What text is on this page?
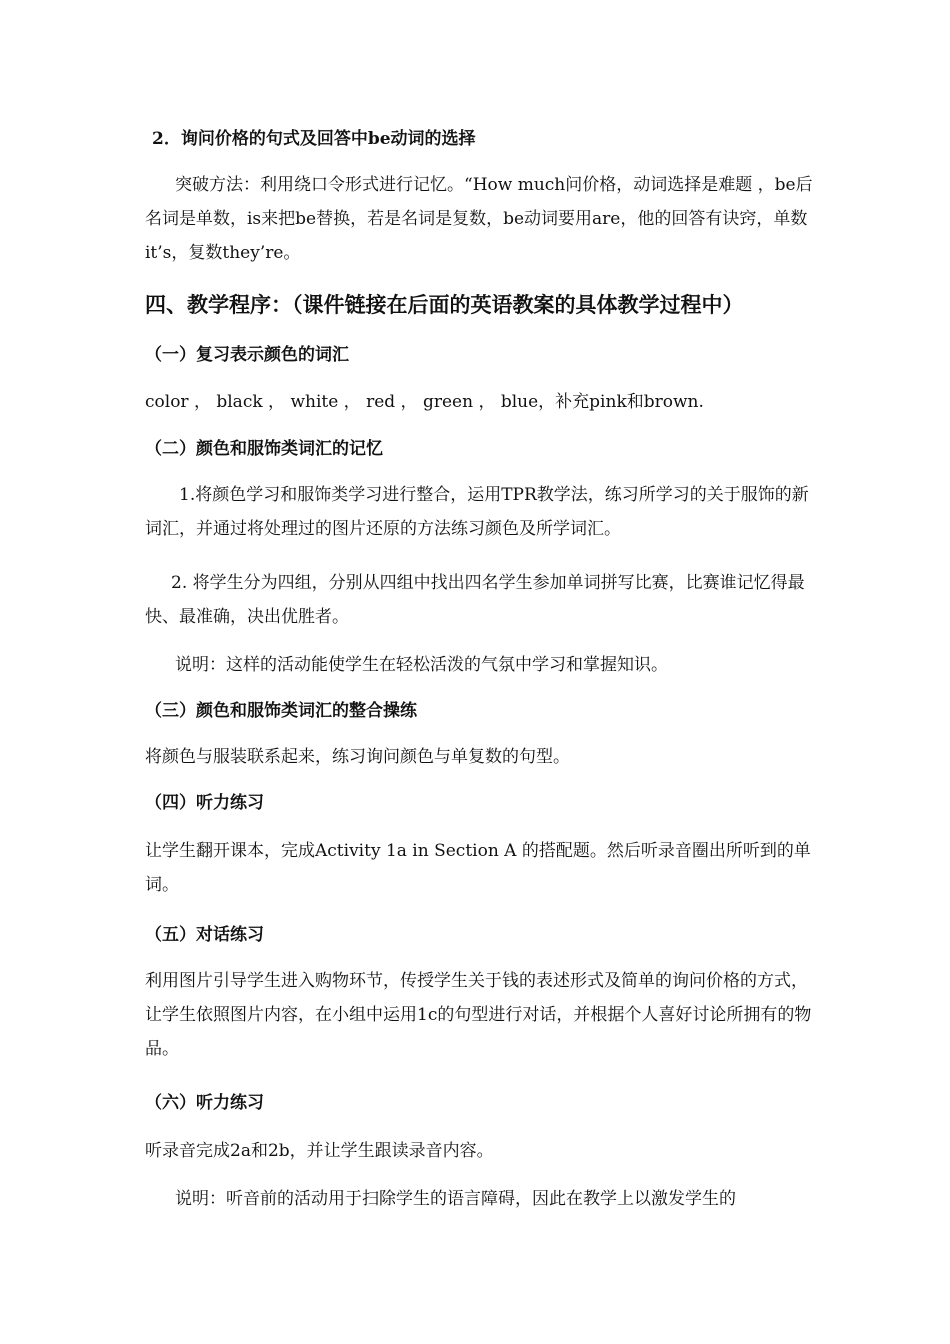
2．询问价格的句式及回答中be动词的选择

突破方法：利用绕口令形式进行记忆。“How much问价格，动词选择是难题 ，be后名词是单数，is来把be替换，若是名词是复数，be动词要用are，他的回答有诀窍，单数it’s，复数they’re。

四、教学程序：（课件链接在后面的英语教案的具体教学过程中）

（一）复习表示颜色的词汇

color ， black ， white ， red ， green ， blue，补充pink和brown.

（二）颜色和服饰类词汇的记忆

1.将颜色学习和服饰类学习进行整合，运用TPR教学法，练习所学习的关于服饰的新词汇，并通过将处理过的图片还原的方法练习颜色及所学词汇。

2. 将学生分为四组，分别从四组中找出四名学生参加单词拼写比赛，比赛谁记忆得最快、最准确，决出优胜者。

说明：这样的活动能使学生在轻松活泼的气氛中学习和掌握知识。

（三）颜色和服饰类词汇的整合操练

将颜色与服装联系起来，练习询问颜色与单复数的句型。

（四）听力练习

让学生翻开课本，完成Activity 1a in Section A 的搭配题。然后听录音圈出所听到的单词。

（五）对话练习

利用图片引导学生进入购物环节，传授学生关于钱的表述形式及简单的询问价格的方式，让学生依照图片内容，在小组中运用1c的句型进行对话，并根据个人喜好讨论所拥有的物品。

（六）听力练习

听录音完成2a和2b，并让学生跟读录音内容。

说明：听音前的活动用于扫除学生的语言障碍，因此在教学上以激发学生的
